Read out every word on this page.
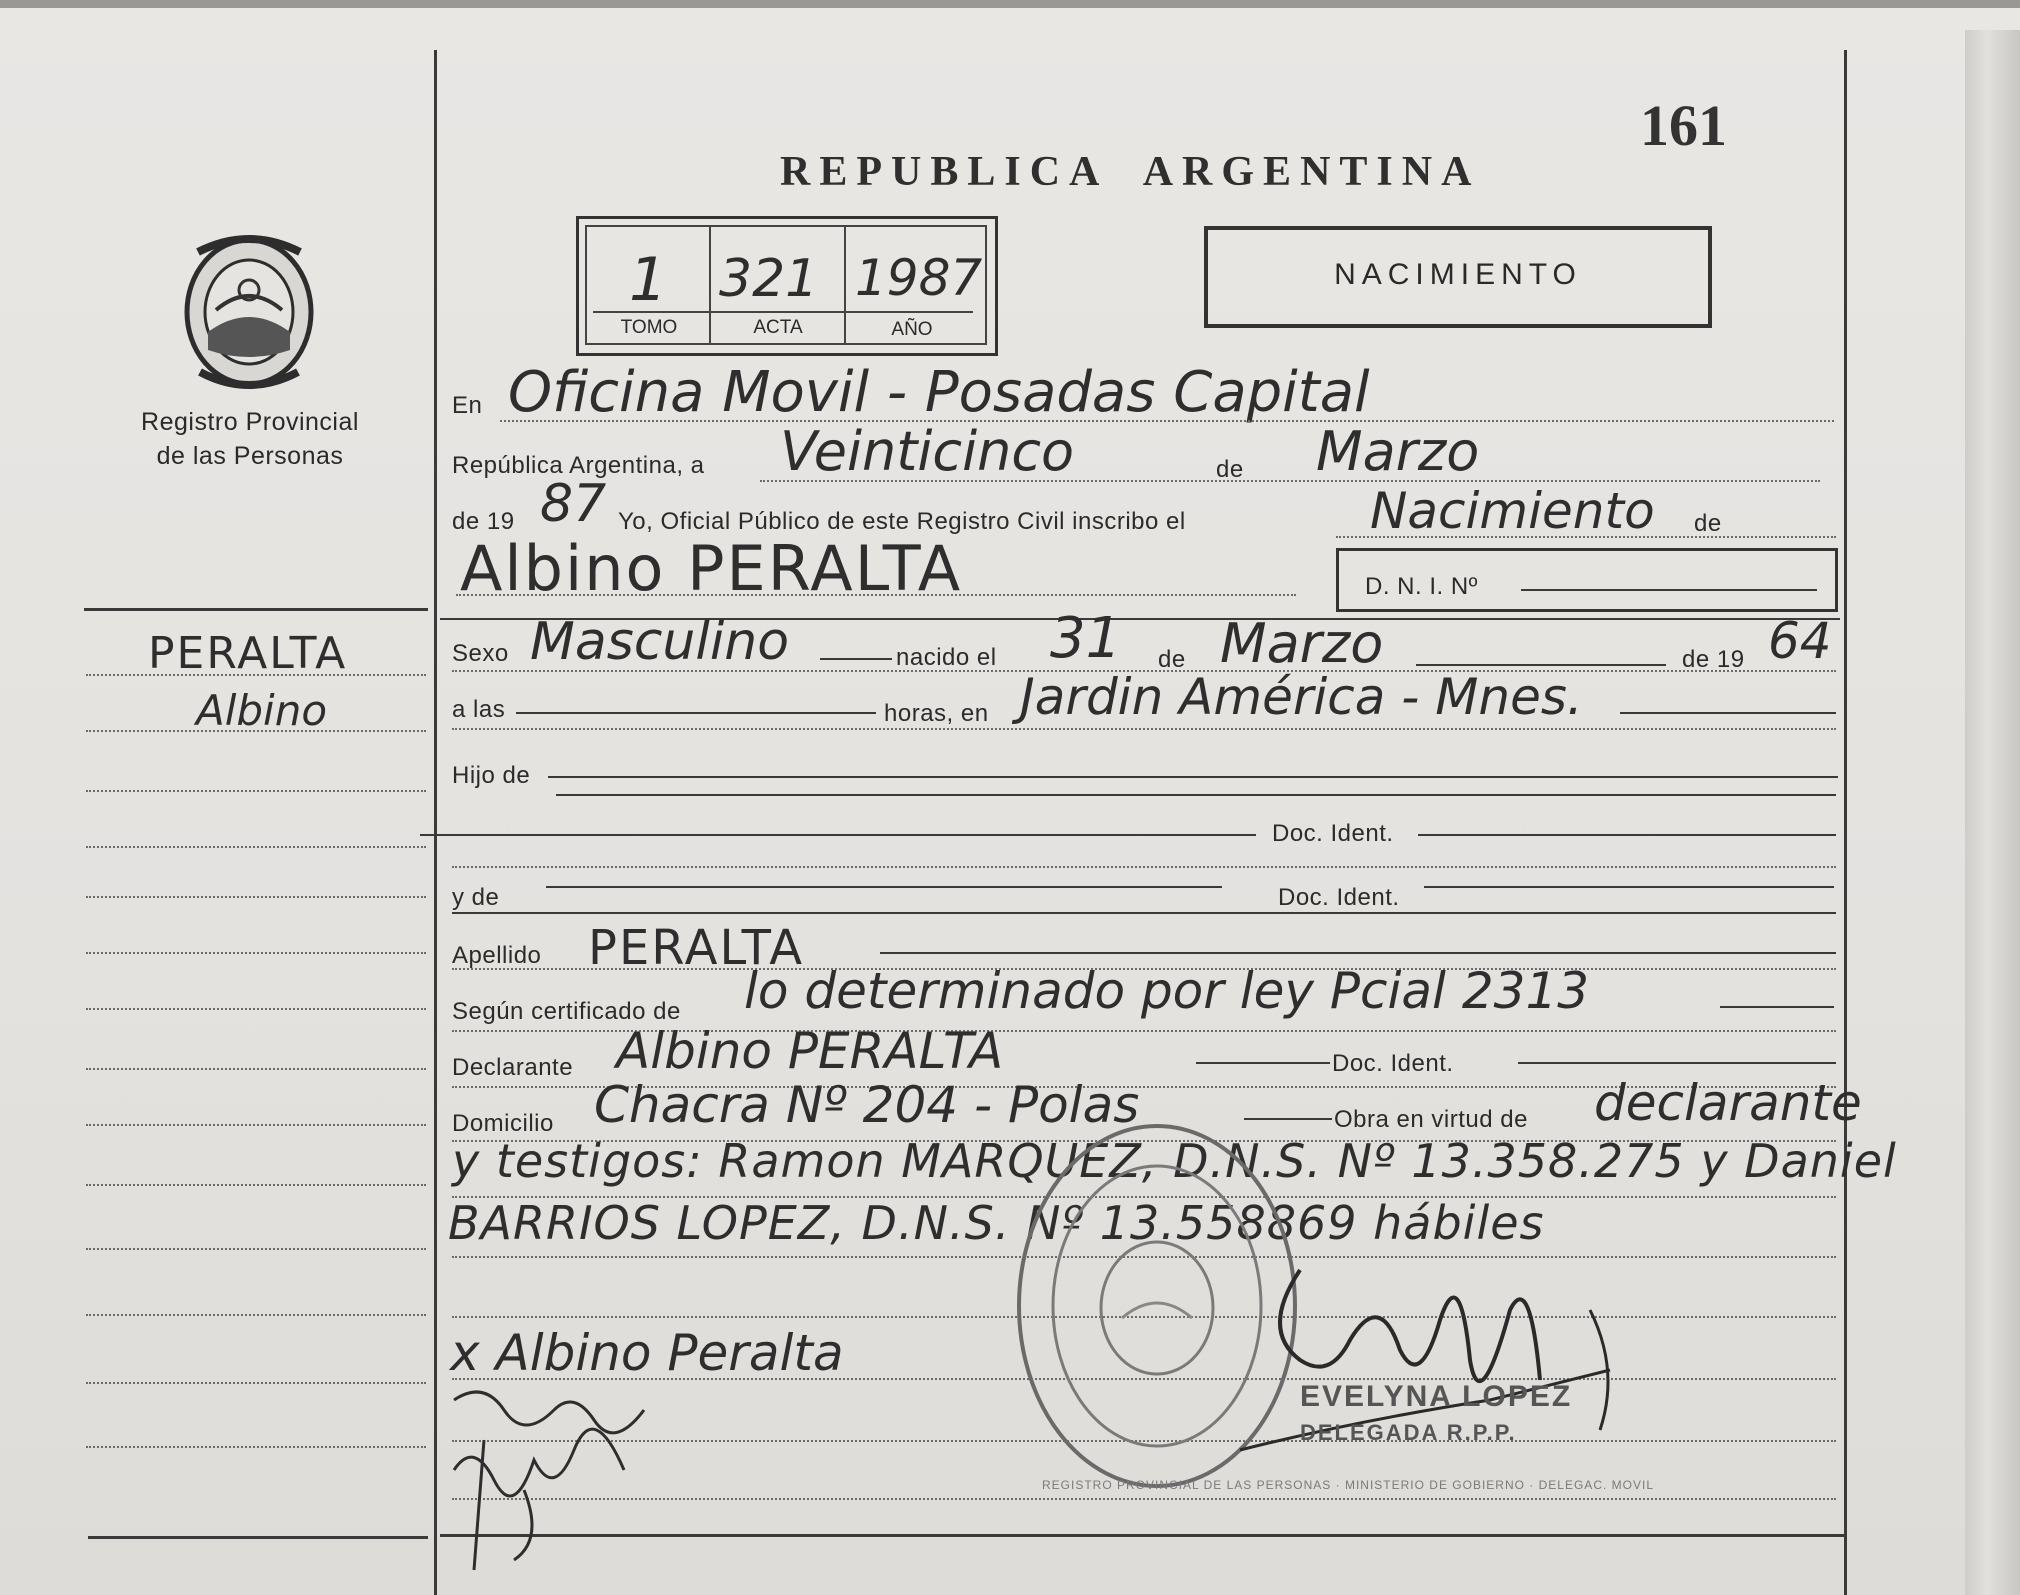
161
REPUBLICA  ARGENTINA
1 321 1987
TOMO	ACTA	AÑO
NACIMIENTO
Registro Provincial
de las Personas
PERALTA
Albino
En Oficina Movil - Posadas Capital
República Argentina, a Veinticinco	de Marzo
de 19 87 Yo, Oficial Público de este Registro Civil inscribo el	Nacimiento de
Albino PERALTA	D. N. I. Nº
Sexo Masculino	nacido el 31 de Marzo	de 19 64
a las	horas, en Jardin América - Mnes.
Hijo de
Doc. Ident.
y de	Doc. Ident.
Apellido PERALTA
Según certificado de lo determinado por ley Pcial 2313
Declarante Albino PERALTA	Doc. Ident.
Domicilio Chacra Nº 204 - Polas	Obra en virtud de declarante
y testigos: Ramon MARQUEZ, D.N.S. Nº 13.358.275 y Daniel
BARRIOS LOPEZ, D.N.S. Nº 13.558869 hábiles
x Albino Peralta
REGISTRO PROVINCIAL DE LAS PERSONAS · MINISTERIO DE GOBIERNO · DELEGAC. MOVIL
EVELYNA LOPEZ
DELEGADA R.P.P.
